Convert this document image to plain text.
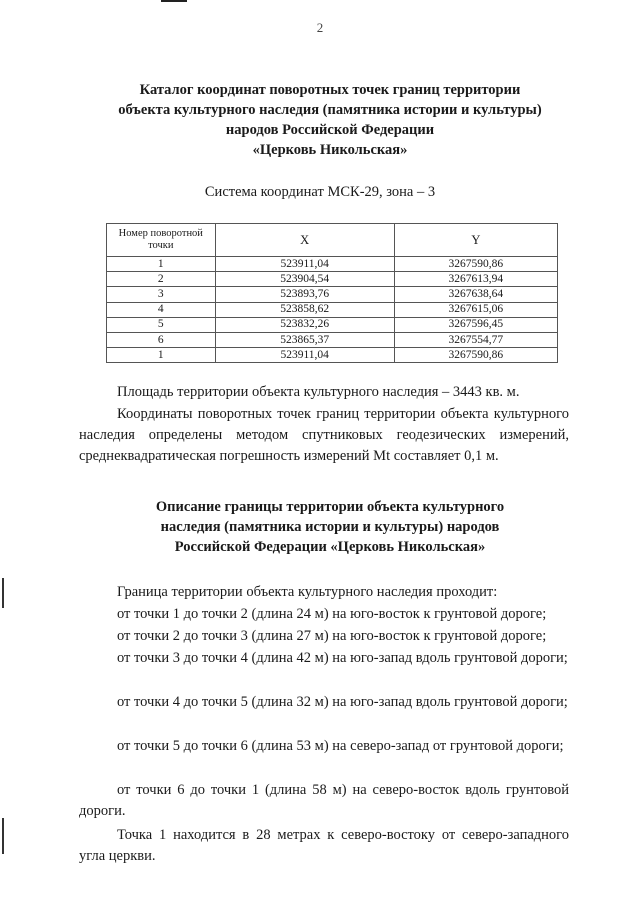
2
Каталог координат поворотных точек границ территории
объекта культурного наследия (памятника истории и культуры)
народов Российской Федерации
«Церковь Никольская»
Система координат МСК-29, зона – 3
Номер поворотной точки	X	Y
1	523911,04	3267590,86
2	523904,54	3267613,94
3	523893,76	3267638,64
4	523858,62	3267615,06
5	523832,26	3267596,45
6	523865,37	3267554,77
1	523911,04	3267590,86
Площадь территории объекта культурного наследия – 3443 кв. м.
Координаты поворотных точек границ территории объекта культурного наследия определены методом спутниковых геодезических измерений, среднеквадратическая погрешность измерений Mt составляет 0,1 м.
Описание границы территории объекта культурного
наследия (памятника истории и культуры) народов
Российской Федерации «Церковь Никольская»
Граница территории объекта культурного наследия проходит:
от точки 1 до точки 2 (длина 24 м) на юго-восток к грунтовой дороге;
от точки 2 до точки 3 (длина 27 м) на юго-восток к грунтовой дороге;
от точки 3 до точки 4 (длина 42 м) на юго-запад вдоль грунтовой дороги;
от точки 4 до точки 5 (длина 32 м) на юго-запад вдоль грунтовой дороги;
от точки 5 до точки 6 (длина 53 м) на северо-запад от грунтовой дороги;
от точки 6 до точки 1 (длина 58 м) на северо-восток вдоль грунтовой дороги.
Точка 1 находится в 28 метрах к северо-востоку от северо-западного угла церкви.
